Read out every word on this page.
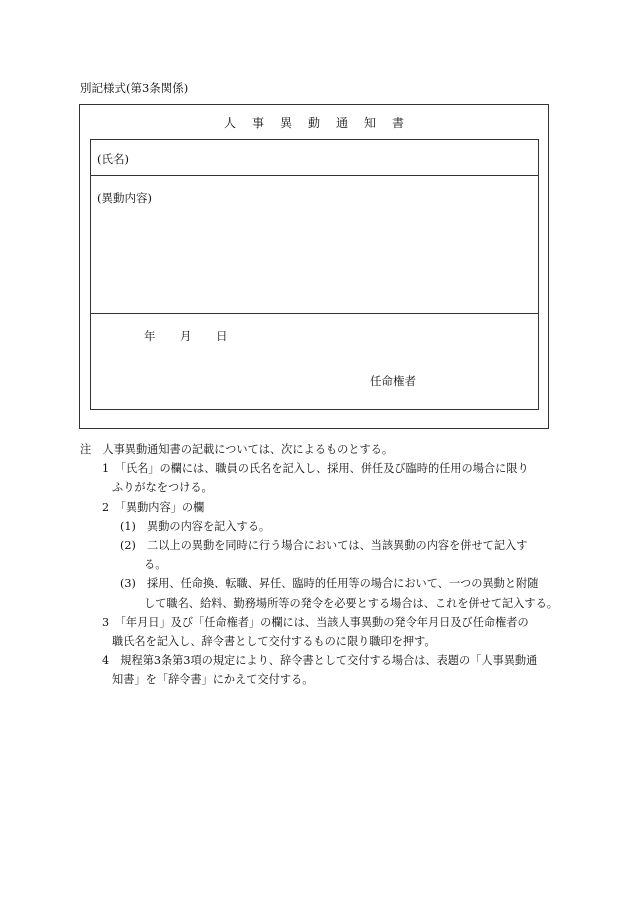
別記様式(第3条関係)
人 事 異 動 通 知 書
(氏名)
(異動内容)
年 月 日
任命権者
注　人事異動通知書の記載については、次によるものとする。
1　「氏名」の欄には、職員の氏名を記入し、採用、併任及び臨時的任用の場合に限り
ふりがなをつける。
2　「異動内容」の欄
(1)　異動の内容を記入する。
(2)　二以上の異動を同時に行う場合においては、当該異動の内容を併せて記入す
る。
(3)　採用、任命換、転職、昇任、臨時的任用等の場合において、一つの異動と附随
して職名、給料、勤務場所等の発令を必要とする場合は、これを併せて記入する。
3　「年月日」及び「任命権者」の欄には、当該人事異動の発令年月日及び任命権者の
職氏名を記入し、辞令書として交付するものに限り職印を押す。
4　規程第3条第3項の規定により、辞令書として交付する場合は、表題の「人事異動通
知書」を「辞令書」にかえて交付する。
